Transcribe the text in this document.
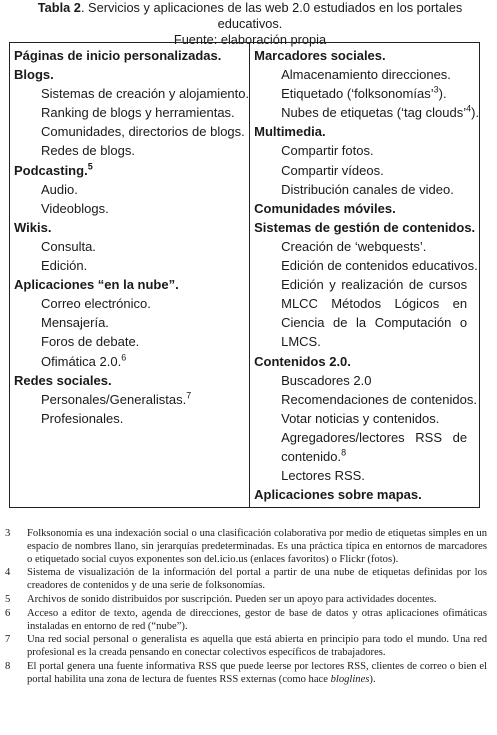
Tabla 2. Servicios y aplicaciones de las web 2.0 estudiados en los portales educativos.
Fuente: elaboración propia
Páginas de inicio personalizadas.
Blogs.
Sistemas de creación y alojamiento.
Ranking de blogs y herramientas.
Comunidades, directorios de blogs.
Redes de blogs.
Podcasting.$^5$
Audio.
Videoblogs.
Wikis.
Consulta.
Edición.
Aplicaciones “en la nube”.
Correo electrónico.
Mensajería.
Foros de debate.
Ofimática 2.0.$^6$
Redes sociales.
Personales/Generalistas.$^7$
Profesionales.

Marcadores sociales.
Almacenamiento direcciones.
Etiquetado (‘folksonomías’$^3$).
Nubes de etiquetas (‘tag clouds’$^4$).
Multimedia.
Compartir fotos.
Compartir vídeos.
Distribución canales de video.
Comunidades móviles.
Sistemas de gestión de contenidos.
Creación de ‘webquests’.
Edición de contenidos educativos.
Edición y realización de cursos MLCC Métodos Lógicos en Ciencia de la Computación o LMCS.
Contenidos 2.0.
Buscadores 2.0
Recomendaciones de contenidos.
Votar noticias y contenidos.
Agregadores/lectores RSS de contenido.$^8$
Lectores RSS.
Aplicaciones sobre mapas.
3	Folksonomía es una indexación social o una clasificación colaborativa por medio de etiquetas simples en un espacio de nombres llano, sin jerarquías predeterminadas. Es una práctica típica en entornos de marcadores o etiquetado social cuyos exponentes son del.icio.us (enlaces favoritos) o Flickr (fotos).
4	Sistema de visualización de la información del portal a partir de una nube de etiquetas definidas por los creadores de contenidos y de una serie de folksonomías.
5	Archivos de sonido distribuidos por suscripción. Pueden ser un apoyo para actividades docentes.
6	Acceso a editor de texto, agenda de direcciones, gestor de base de datos y otras aplicaciones ofimáticas instaladas en entorno de red (“nube”).
7	Una red social personal o generalista es aquella que está abierta en principio para todo el mundo. Una red profesional es la creada pensando en conectar colectivos específicos de trabajadores.
8	El portal genera una fuente informativa RSS que puede leerse por lectores RSS, clientes de correo o bien el portal habilita una zona de lectura de fuentes RSS externas (como hace bloglines).
